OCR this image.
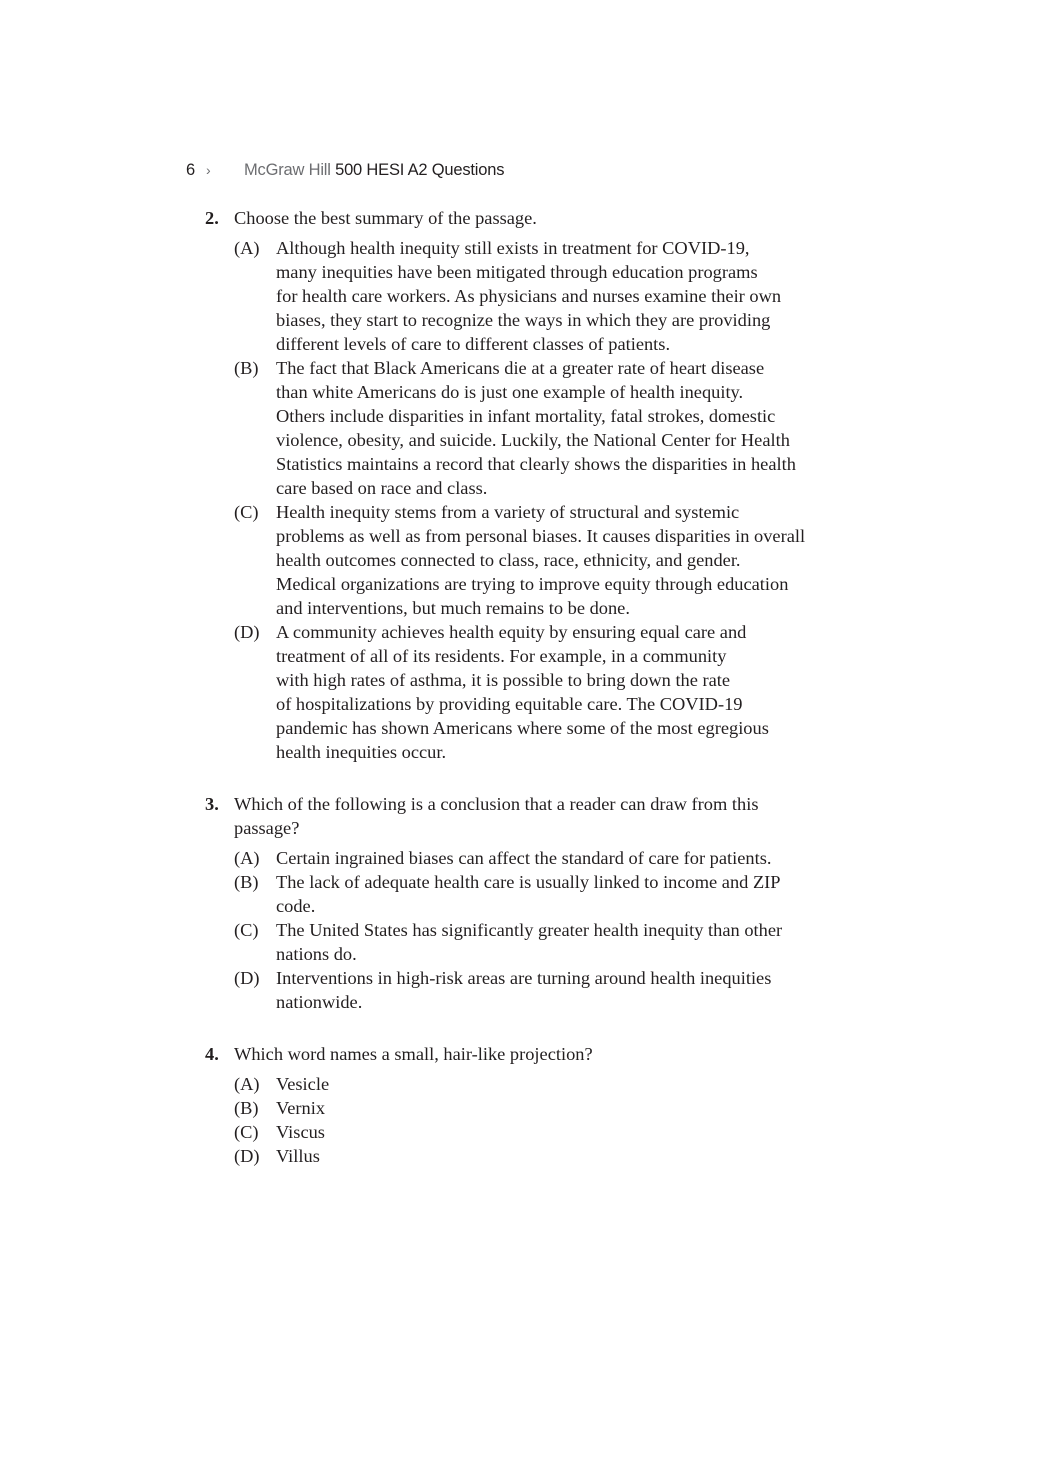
6 › McGraw Hill 500 HESI A2 Questions
2. Choose the best summary of the passage.
(A) Although health inequity still exists in treatment for COVID-19,
many inequities have been mitigated through education programs
for health care workers. As physicians and nurses examine their own
biases, they start to recognize the ways in which they are providing
different levels of care to different classes of patients.
(B) The fact that Black Americans die at a greater rate of heart disease
than white Americans do is just one example of health inequity.
Others include disparities in infant mortality, fatal strokes, domestic
violence, obesity, and suicide. Luckily, the National Center for Health
Statistics maintains a record that clearly shows the disparities in health
care based on race and class.
(C) Health inequity stems from a variety of structural and systemic
problems as well as from personal biases. It causes disparities in overall
health outcomes connected to class, race, ethnicity, and gender.
Medical organizations are trying to improve equity through education
and interventions, but much remains to be done.
(D) A community achieves health equity by ensuring equal care and
treatment of all of its residents. For example, in a community
with high rates of asthma, it is possible to bring down the rate
of hospitalizations by providing equitable care. The COVID-19
pandemic has shown Americans where some of the most egregious
health inequities occur.
3. Which of the following is a conclusion that a reader can draw from this
passage?
(A) Certain ingrained biases can affect the standard of care for patients.
(B) The lack of adequate health care is usually linked to income and ZIP
code.
(C) The United States has significantly greater health inequity than other
nations do.
(D) Interventions in high-risk areas are turning around health inequities
nationwide.
4. Which word names a small, hair-like projection?
(A) Vesicle
(B) Vernix
(C) Viscus
(D) Villus
